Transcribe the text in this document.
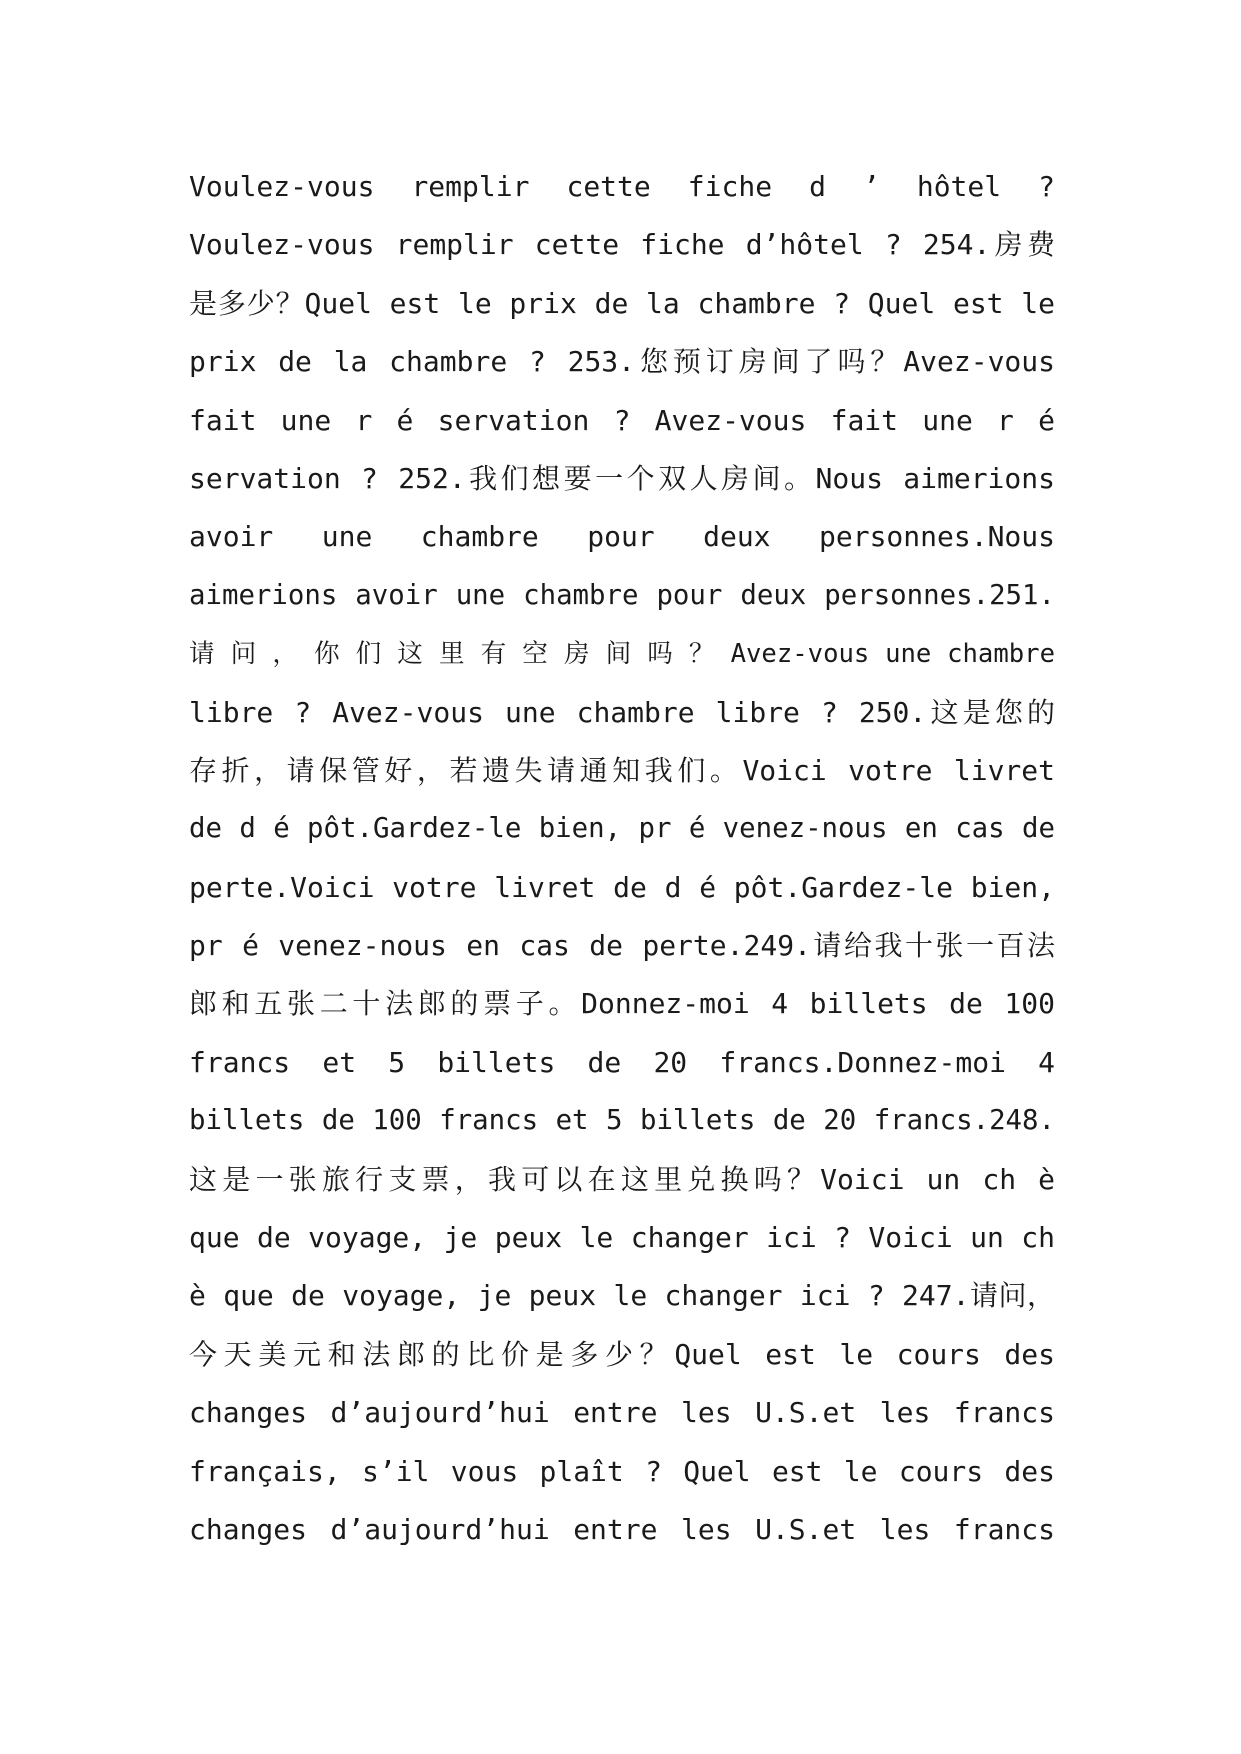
Voulez-vous remplir cette fiche d ’ hôtel ?
Voulez-vous remplir cette fiche d’hôtel ? 254.房费
是多少？Quel est le prix de la chambre ? Quel est le
prix de la chambre ? 253.您预订房间了吗？Avez-vous
fait une r é servation ? Avez-vous fait une r é
servation ? 252.我们想要一个双人房间。Nous aimerions
avoir une chambre pour deux personnes.Nous
aimerions avoir une chambre pour deux personnes.251.
请 问 ， 你 们 这 里 有 空 房 间 吗 ？ Avez-vous une chambre
libre ? Avez-vous une chambre libre ? 250.这是您的
存折，请保管好，若遗失请通知我们。Voici votre livret
de d é pôt.Gardez-le bien, pr é venez-nous en cas de
perte.Voici votre livret de d é pôt.Gardez-le bien,
pr é venez-nous en cas de perte.249.请给我十张一百法
郎和五张二十法郎的票子。Donnez-moi 4 billets de 100
francs et 5 billets de 20 francs.Donnez-moi 4
billets de 100 francs et 5 billets de 20 francs.248.
这是一张旅行支票，我可以在这里兑换吗？Voici un ch è
que de voyage, je peux le changer ici ? Voici un ch
è que de voyage, je peux le changer ici ? 247.请问，
今天美元和法郎的比价是多少？Quel est le cours des
changes d’aujourd’hui entre les U.S.et les francs
français, s’il vous plaît ? Quel est le cours des
changes d’aujourd’hui entre les U.S.et les francs
